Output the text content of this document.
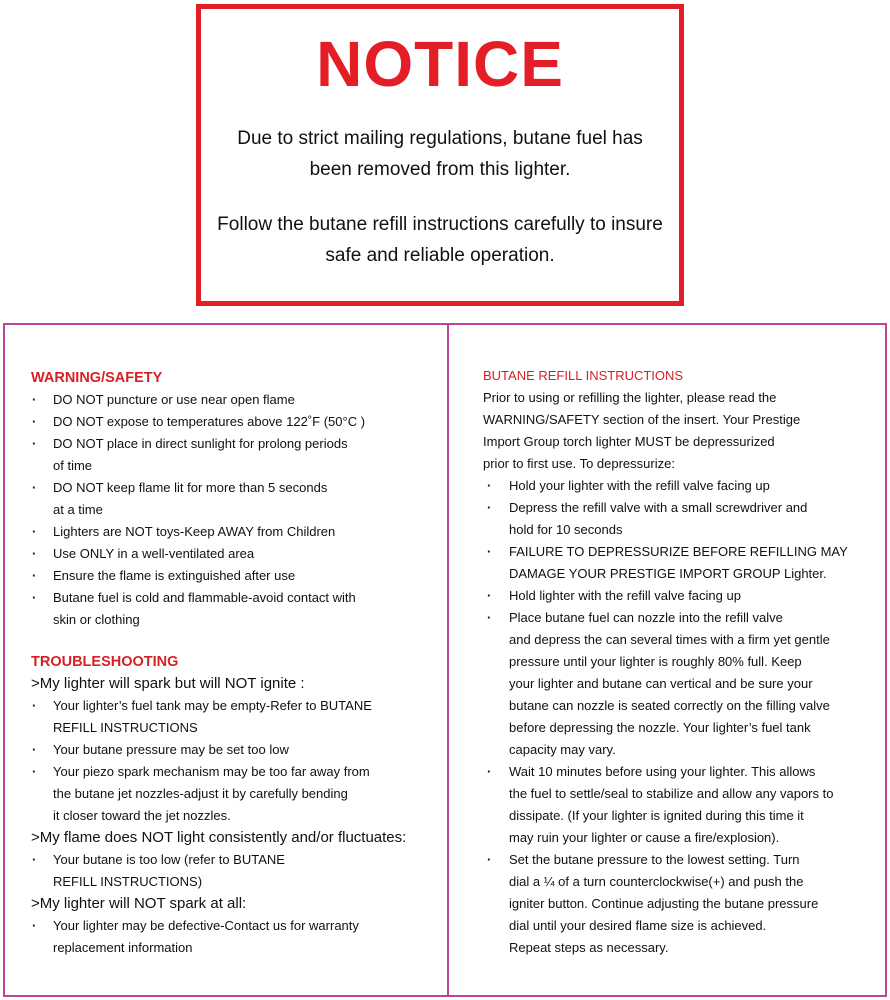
NOTICE
Due to strict mailing regulations, butane fuel has been removed from this lighter.
Follow the butane refill instructions carefully to insure safe and reliable operation.
WARNING/SAFETY
· DO NOT puncture or use near open flame
· DO NOT expose to temperatures above 122˚F (50°C )
· DO NOT place in direct sunlight for prolong periods
of time
· DO NOT keep flame lit for more than 5 seconds
at a time
· Lighters are NOT toys-Keep AWAY from Children
· Use ONLY in a well-ventilated area
· Ensure the flame is extinguished after use
· Butane fuel is cold and flammable-avoid contact with
skin or clothing
TROUBLESHOOTING
>My lighter will spark but will NOT ignite :
· Your lighter’s fuel tank may be empty-Refer to BUTANE
REFILL INSTRUCTIONS
· Your butane pressure may be set too low
· Your piezo spark mechanism may be too far away from
the butane jet nozzles-adjust it by carefully bending
it closer toward the jet nozzles.
>My flame does NOT light consistently and/or fluctuates:
· Your butane is too low (refer to BUTANE
REFILL INSTRUCTIONS)
>My lighter will NOT spark at all:
· Your lighter may be defective-Contact us for warranty
replacement information
BUTANE REFILL INSTRUCTIONS
Prior to using or refilling the lighter, please read the
WARNING/SAFETY section of the insert. Your Prestige
Import Group torch lighter MUST be depressurized
prior to first use. To depressurize:
· Hold your lighter with the refill valve facing up
· Depress the refill valve with a small screwdriver and
hold for 10 seconds
· FAILURE TO DEPRESSURIZE BEFORE REFILLING MAY
DAMAGE YOUR PRESTIGE IMPORT GROUP Lighter.
· Hold lighter with the refill valve facing up
· Place butane fuel can nozzle into the refill valve
and depress the can several times with a firm yet gentle
pressure until your lighter is roughly 80% full. Keep
your lighter and butane can vertical and be sure your
butane can nozzle is seated correctly on the filling valve
before depressing the nozzle. Your lighter’s fuel tank
capacity may vary.
· Wait 10 minutes before using your lighter. This allows
the fuel to settle/seal to stabilize and allow any vapors to
dissipate. (If your lighter is ignited during this time it
may ruin your lighter or cause a fire/explosion).
· Set the butane pressure to the lowest setting. Turn
dial a ¼ of a turn counterclockwise(+) and push the
igniter button. Continue adjusting the butane pressure
dial until your desired flame size is achieved.
Repeat steps as necessary.
